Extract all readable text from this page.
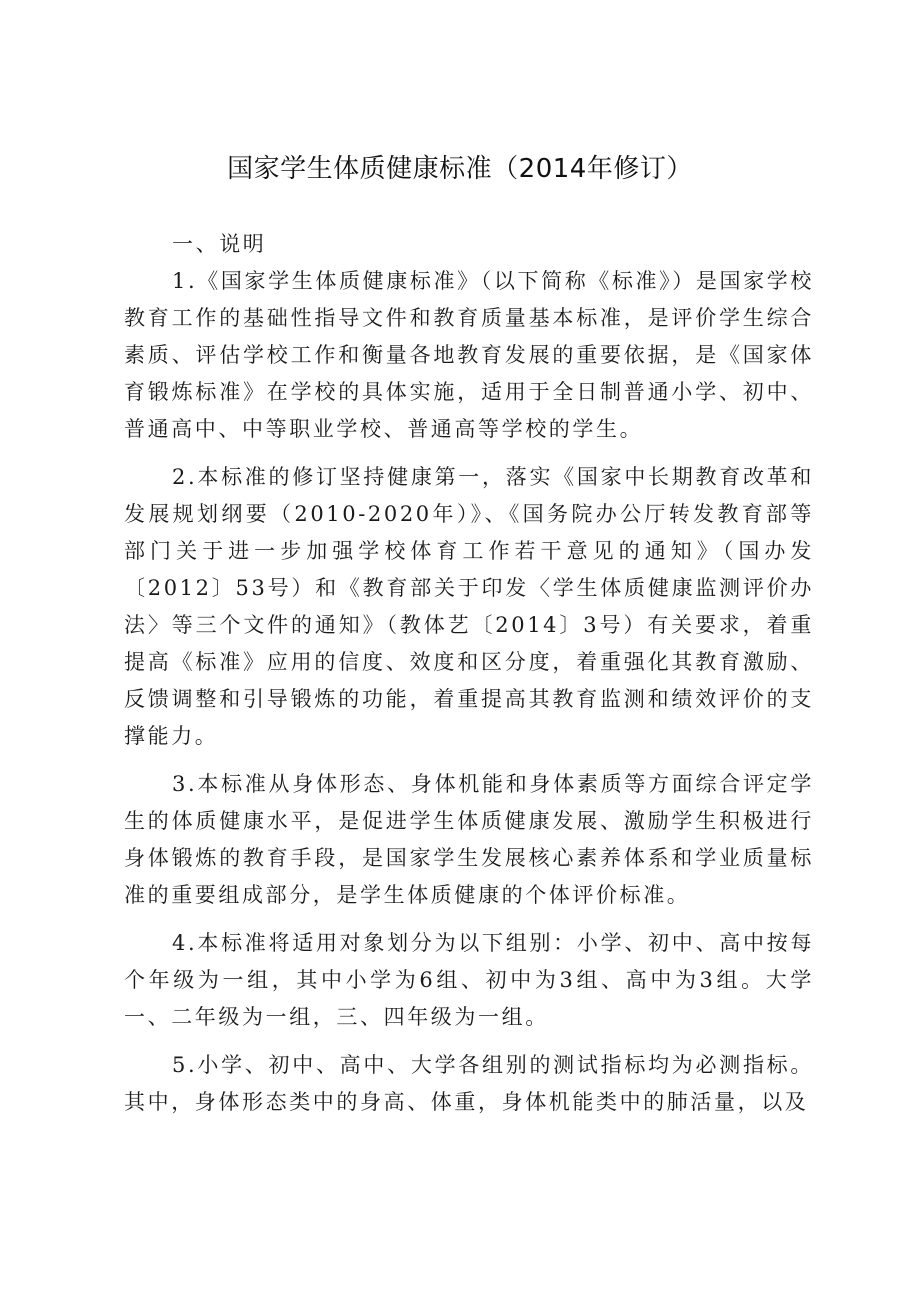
国家学生体质健康标准（2014年修订）

一、说明

1.《国家学生体质健康标准》（以下简称《标准》）是国家学校教育工作的基础性指导文件和教育质量基本标准，是评价学生综合素质、评估学校工作和衡量各地教育发展的重要依据，是《国家体育锻炼标准》在学校的具体实施，适用于全日制普通小学、初中、普通高中、中等职业学校、普通高等学校的学生。

2.本标准的修订坚持健康第一，落实《国家中长期教育改革和发展规划纲要（2010-2020年）》、《国务院办公厅转发教育部等部门关于进一步加强学校体育工作若干意见的通知》（国办发〔2012〕53号）和《教育部关于印发〈学生体质健康监测评价办法〉等三个文件的通知》（教体艺〔2014〕3号）有关要求，着重提高《标准》应用的信度、效度和区分度，着重强化其教育激励、反馈调整和引导锻炼的功能，着重提高其教育监测和绩效评价的支撑能力。

3.本标准从身体形态、身体机能和身体素质等方面综合评定学生的体质健康水平，是促进学生体质健康发展、激励学生积极进行身体锻炼的教育手段，是国家学生发展核心素养体系和学业质量标准的重要组成部分，是学生体质健康的个体评价标准。

4.本标准将适用对象划分为以下组别：小学、初中、高中按每个年级为一组，其中小学为6组、初中为3组、高中为3组。大学一、二年级为一组，三、四年级为一组。

5.小学、初中、高中、大学各组别的测试指标均为必测指标。其中，身体形态类中的身高、体重，身体机能类中的肺活量，以及
